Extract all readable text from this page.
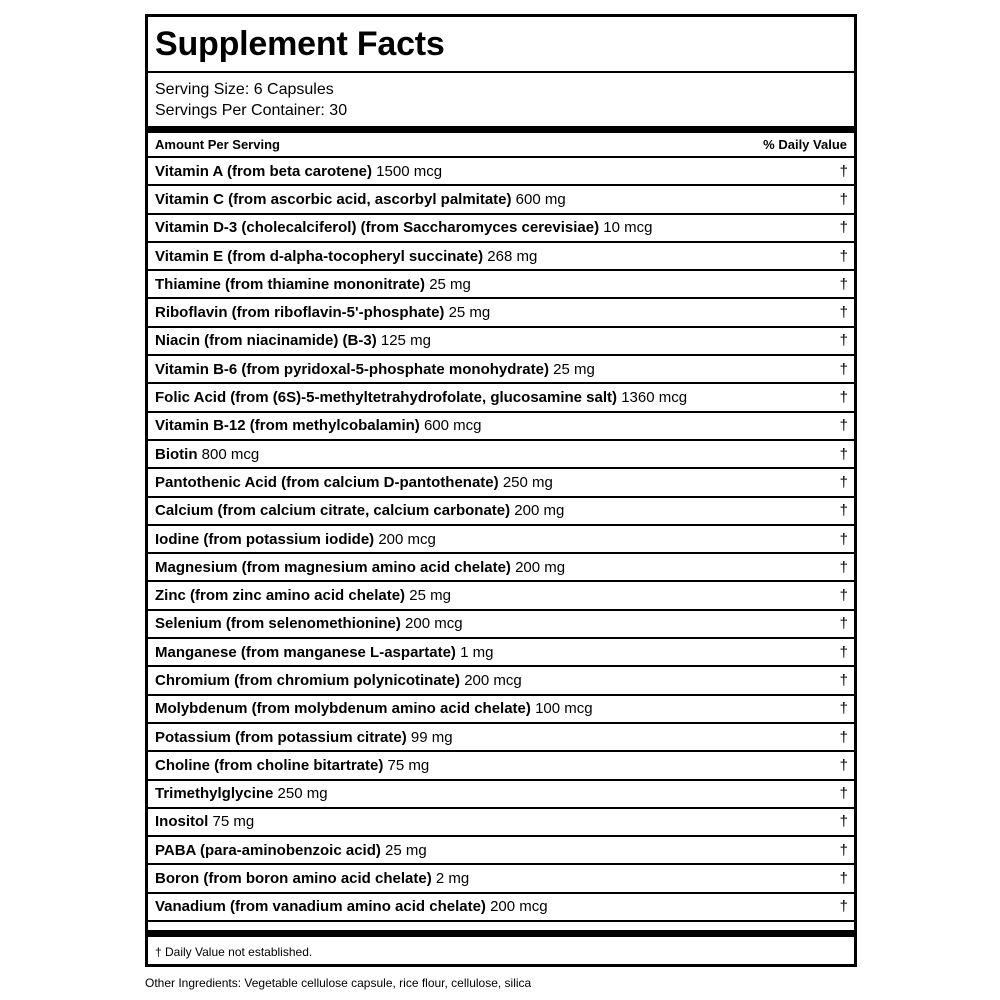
Supplement Facts
Serving Size: 6 Capsules
Servings Per Container: 30
Amount Per Serving	% Daily Value
Vitamin A (from beta carotene) 1500 mcg	†
Vitamin C (from ascorbic acid, ascorbyl palmitate) 600 mg	†
Vitamin D-3 (cholecalciferol) (from Saccharomyces cerevisiae) 10 mcg	†
Vitamin E (from d-alpha-tocopheryl succinate) 268 mg	†
Thiamine (from thiamine mononitrate) 25 mg	†
Riboflavin (from riboflavin-5'-phosphate) 25 mg	†
Niacin (from niacinamide) (B-3) 125 mg	†
Vitamin B-6 (from pyridoxal-5-phosphate monohydrate) 25 mg	†
Folic Acid (from (6S)-5-methyltetrahydrofolate, glucosamine salt) 1360 mcg	†
Vitamin B-12 (from methylcobalamin) 600 mcg	†
Biotin 800 mcg	†
Pantothenic Acid (from calcium D-pantothenate) 250 mg	†
Calcium (from calcium citrate, calcium carbonate) 200 mg	†
Iodine (from potassium iodide) 200 mcg	†
Magnesium (from magnesium amino acid chelate) 200 mg	†
Zinc (from zinc amino acid chelate) 25 mg	†
Selenium (from selenomethionine) 200 mcg	†
Manganese (from manganese L-aspartate) 1 mg	†
Chromium (from chromium polynicotinate) 200 mcg	†
Molybdenum (from molybdenum amino acid chelate) 100 mcg	†
Potassium (from potassium citrate) 99 mg	†
Choline (from choline bitartrate) 75 mg	†
Trimethylglycine 250 mg	†
Inositol 75 mg	†
PABA (para-aminobenzoic acid) 25 mg	†
Boron (from boron amino acid chelate) 2 mg	†
Vanadium (from vanadium amino acid chelate) 200 mcg	†
† Daily Value not established.
Other Ingredients: Vegetable cellulose capsule, rice flour, cellulose, silica
